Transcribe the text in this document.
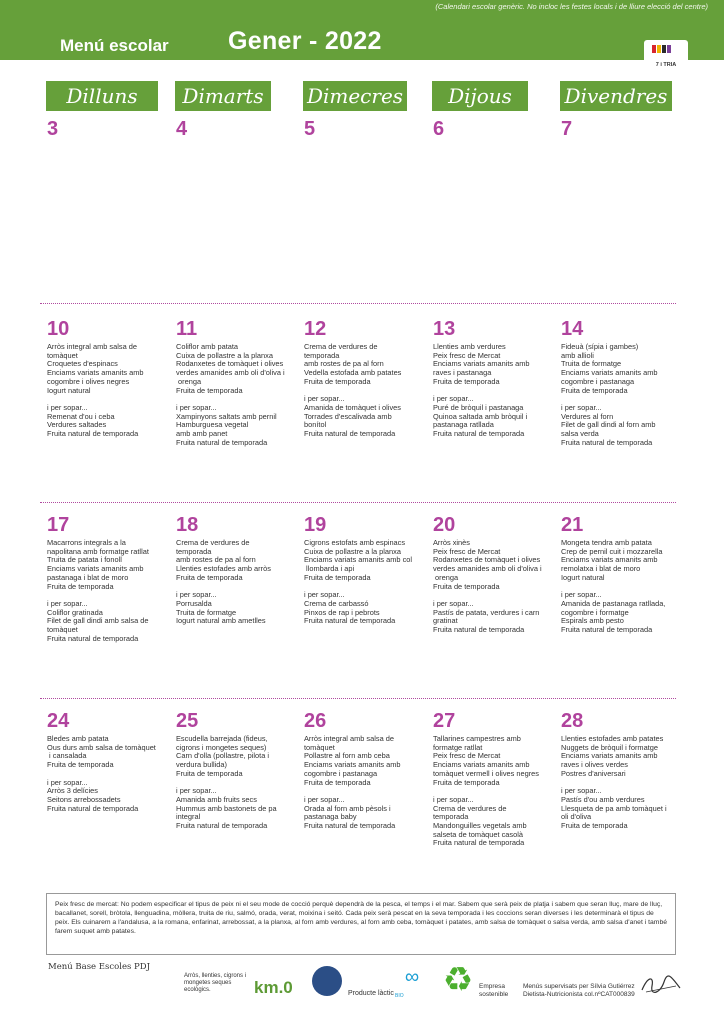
(Calendari escolar genèric. No incloc les festes locals i de lliure elecció del centre)
Menú escolar Gener - 2022
7 i TRIA
Dilluns	Dimarts	Dimecres	Dijous	Divendres
3	4	5	6	7
10
Arròs integral amb salsa de
tomàquet
Croquetes d'espinacs
Enciams variats amanits amb
cogombre i olives negres
Iogurt natural

i per sopar...
Remenat d'ou i ceba
Verdures saltades
Fruita natural de temporada
11
Coliflor amb patata
Cuixa de pollastre a la planxa
Rodanxetes de tomàquet i olives
verdes amanides amb oli d'oliva i
orenga
Fruita de temporada

i per sopar...
Xampinyons saltats amb pernil
Hamburguesa vegetal
amb amb panet
Fruita natural de temporada
12
Crema de verdures de
temporada
amb rostes de pa al forn
Vedella estofada amb patates
Fruita de temporada

i per sopar...
Amanida de tomàquet i olives
Torrades d'escalivada amb
bonítol
Fruita natural de temporada
13
Llenties amb verdures
Peix fresc de Mercat
Enciams variats amanits amb
raves i pastanaga
Fruita de temporada

i per sopar...
Puré de bròquil i pastanaga
Quinoa saltada amb bròquil i
pastanaga ratllada
Fruita natural de temporada
14
Fideuà (sípia i gambes)
amb allioli
Truita de formatge
Enciams variats amanits amb
cogombre i pastanaga
Fruita de temporada

i per sopar...
Verdures al forn
Filet de gall dindi al forn amb
salsa verda
Fruita natural de temporada
17
Macarrons integrals a la
napolitana amb formatge ratllat
Truita de patata i fonoll
Enciams variats amanits amb
pastanaga i blat de moro
Fruita de temporada

i per sopar...
Coliflor gratinada
Filet de gall dindi amb salsa de
tomàquet
Fruita natural de temporada
18
Crema de verdures de
temporada
amb rostes de pa al forn
Llenties estofades amb arròs
Fruita de temporada

i per sopar...
Porrusalda
Truita de formatge
Iogurt natural amb ametlles
19
Cigrons estofats amb espinacs
Cuixa de pollastre a la planxa
Enciams variats amanits amb col
llombarda i api
Fruita de temporada

i per sopar...
Crema de carbassó
Pinxos de rap i pebrots
Fruita natural de temporada
20
Arròs xinès
Peix fresc de Mercat
Rodanxetes de tomàquet i olives
verdes amanides amb oli d'oliva i
orenga
Fruita de temporada

i per sopar...
Pastís de patata, verdures i carn
gratinat
Fruita natural de temporada
21
Mongeta tendra amb patata
Crep de pernil cuit i mozzarella
Enciams variats amanits amb
remolatxa i blat de moro
Iogurt natural

i per sopar...
Amanida de pastanaga ratllada,
cogombre i formatge
Espirals amb pesto
Fruita natural de temporada
24
Bledes amb patata
Ous durs amb salsa de tomàquet
i cansalada
Fruita de temporada

i per sopar...
Arròs 3 delícies
Seitons arrebossadets
Fruita natural de temporada
25
Escudella barrejada (fideus,
cigrons i mongetes seques)
Carn d'olla (pollastre, pilota i
verdura bullida)
Fruita de temporada

i per sopar...
Amanida amb fruits secs
Hummus amb bastonets de pa
integral
Fruita natural de temporada
26
Arròs integral amb salsa de
tomàquet
Pollastre al forn amb ceba
Enciams variats amanits amb
cogombre i pastanaga
Fruita de temporada

i per sopar...
Orada al forn amb pèsols i
pastanaga baby
Fruita natural de temporada
27
Tallarines campestres amb
formatge ratllat
Peix fresc de Mercat
Enciams variats amanits amb
tomàquet vermell i olives negres
Fruita de temporada

i per sopar...
Crema de verdures de
temporada
Mandonguilles vegetals amb
salseta de tomàquet casolà
Fruita natural de temporada
28
Llenties estofades amb patates
Nuggets de bròquil i formatge
Enciams variats amanits amb
raves i olives verdes
Postres d'aniversari

i per sopar...
Pastís d'ou amb verdures
Llesqueta de pa amb tomàquet i
oli d'oliva
Fruita de temporada
Peix fresc de mercat: No podem especificar el tipus de peix ni el seu mode de cocció perquè dependrà de la pesca, el temps i el mar. Sabem que serà peix de platja i sabem que seran lluç, mare de lluç, bacallanet, sorell, bròtola, llenguadina, mòllera, truita de riu, salmó, orada, verat, moixina i seitó. Cada peix serà pescat en la seva temporada i les coccions seran diverses i les determinarà el tipus de peix. Els cuinarem a l'andalusa, a la romana, enfarinat, arrebossat, a la planxa, al forn amb verdures, al forn amb ceba, tomàquet i patates, amb salsa de tomàquet o salsa verda, amb salsa d'anet i també farem suquet amb patates.
Menú Base Escoles PDJ
Arròs, llenties, cigrons i mongetes seques ecològics.	km.0	Producte làctic
∞
BIO ♻ Empresa
sostenible
Menús supervisats per Sílvia Gutiérrez
Dietista-Nutricionista col.nºCAT000839
